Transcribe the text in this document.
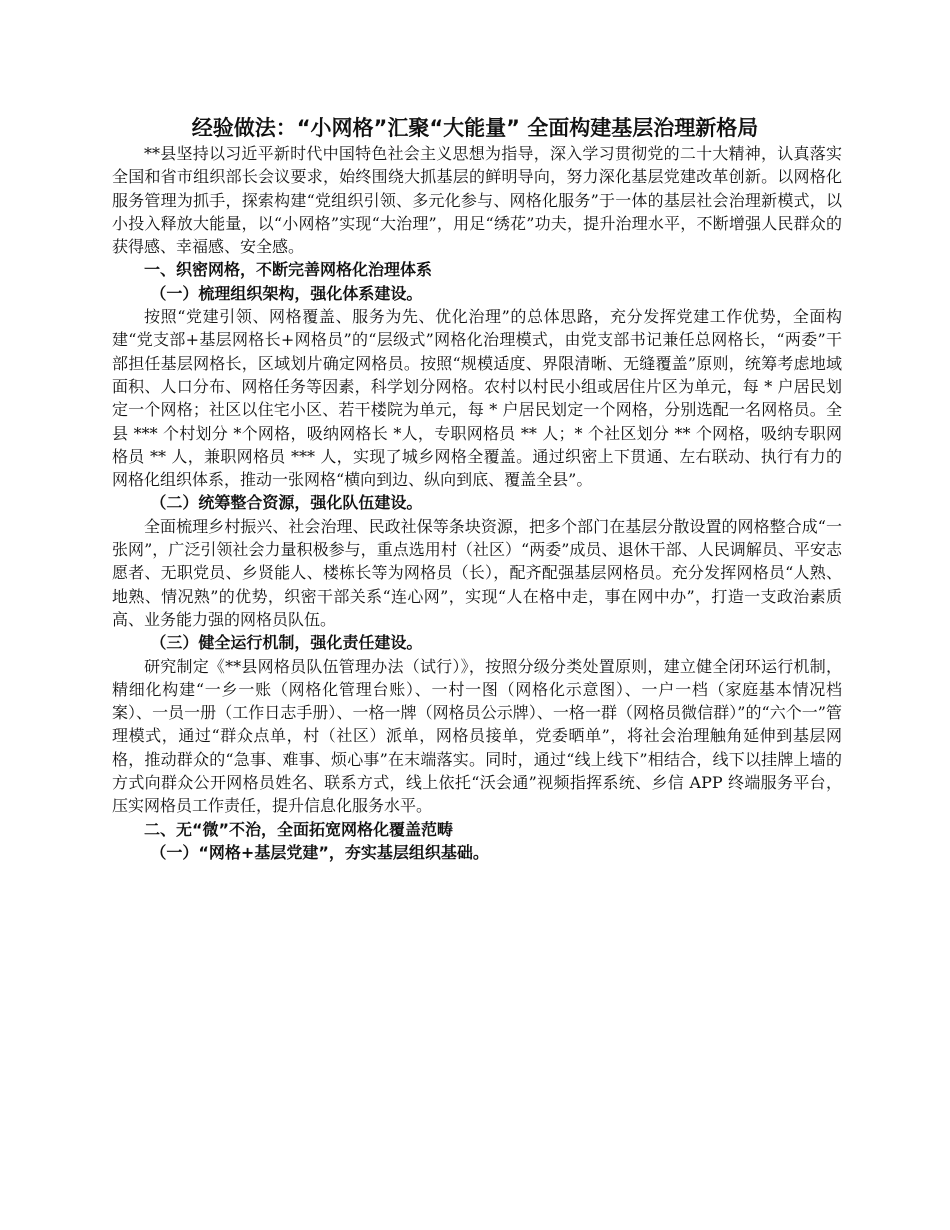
经验做法：“小网格”汇聚“大能量” 全面构建基层治理新格局

**县坚持以习近平新时代中国特色社会主义思想为指导，深入学习贯彻党的二十大精神，认真落实全国和省市组织部长会议要求，始终围绕大抓基层的鲜明导向，努力深化基层党建改革创新。以网格化服务管理为抓手，探索构建“党组织引领、多元化参与、网格化服务”于一体的基层社会治理新模式，以小投入释放大能量，以“小网格”实现“大治理”，用足“绣花”功夫，提升治理水平，不断增强人民群众的获得感、幸福感、安全感。

一、织密网格，不断完善网格化治理体系

（一）梳理组织架构，强化体系建设。

按照“党建引领、网格覆盖、服务为先、优化治理”的总体思路，充分发挥党建工作优势，全面构建“党支部+基层网格长+网格员”的“层级式”网格化治理模式，由党支部书记兼任总网格长，“两委”干部担任基层网格长，区域划片确定网格员。按照“规模适度、界限清晰、无缝覆盖”原则，统筹考虑地域面积、人口分布、网格任务等因素，科学划分网格。农村以村民小组或居住片区为单元，每 * 户居民划定一个网格；社区以住宅小区、若干楼院为单元，每 * 户居民划定一个网格，分别选配一名网格员。全县 *** 个村划分 *个网格，吸纳网格长 *人，专职网格员 ** 人；* 个社区划分 ** 个网格，吸纳专职网格员 ** 人，兼职网格员 *** 人，实现了城乡网格全覆盖。通过织密上下贯通、左右联动、执行有力的网格化组织体系，推动一张网格“横向到边、纵向到底、覆盖全县”。

（二）统筹整合资源，强化队伍建设。

全面梳理乡村振兴、社会治理、民政社保等条块资源，把多个部门在基层分散设置的网格整合成“一张网”，广泛引领社会力量积极参与，重点选用村（社区）“两委”成员、退休干部、人民调解员、平安志愿者、无职党员、乡贤能人、楼栋长等为网格员（长），配齐配强基层网格员。充分发挥网格员“人熟、地熟、情况熟”的优势，织密干部关系“连心网”，实现“人在格中走，事在网中办”，打造一支政治素质高、业务能力强的网格员队伍。

（三）健全运行机制，强化责任建设。

研究制定《**县网格员队伍管理办法（试行）》，按照分级分类处置原则，建立健全闭环运行机制，精细化构建“一乡一账（网格化管理台账）、一村一图（网格化示意图）、一户一档（家庭基本情况档案）、一员一册（工作日志手册）、一格一牌（网格员公示牌）、一格一群（网格员微信群）”的“六个一”管理模式，通过“群众点单，村（社区）派单，网格员接单，党委晒单”，将社会治理触角延伸到基层网格，推动群众的“急事、难事、烦心事”在末端落实。同时，通过“线上线下”相结合，线下以挂牌上墙的方式向群众公开网格员姓名、联系方式，线上依托“沃会通”视频指挥系统、乡信 APP 终端服务平台，压实网格员工作责任，提升信息化服务水平。

二、无“微”不治，全面拓宽网格化覆盖范畴

（一）“网格+基层党建”，夯实基层组织基础。
